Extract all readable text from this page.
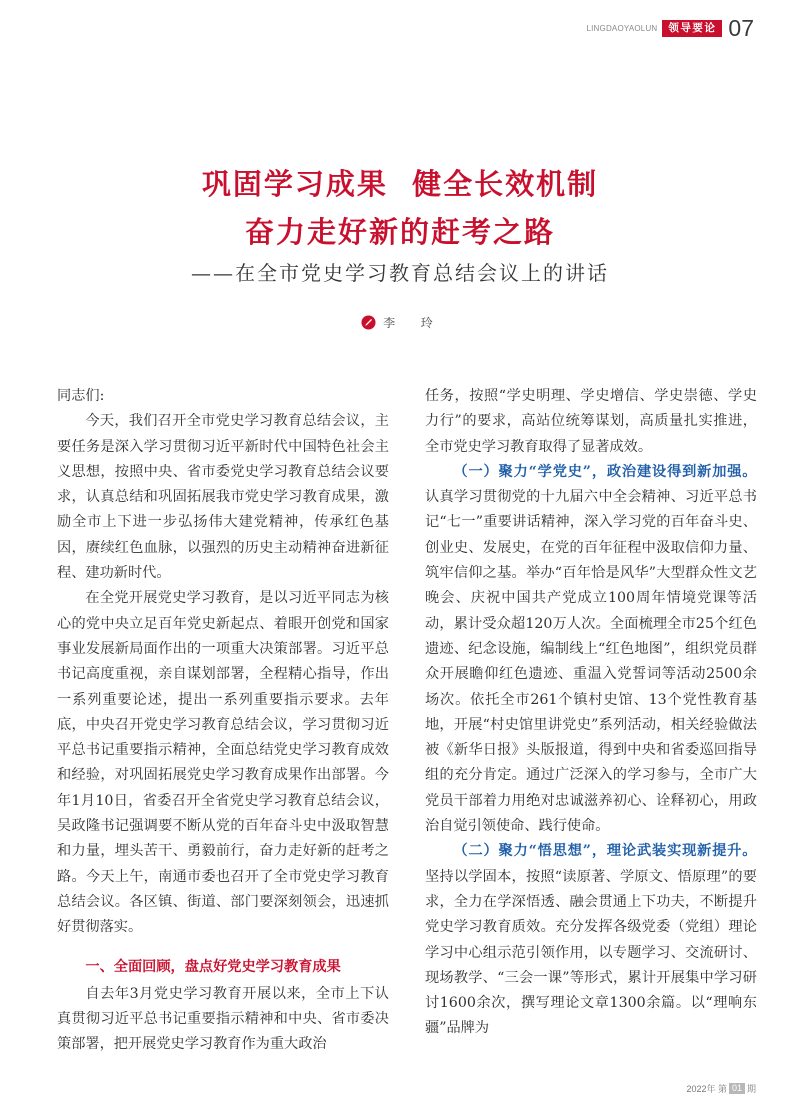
LINGDAOYAOLUN	领导要论 07
巩固学习成果  健全长效机制
奋力走好新的赶考之路
——在全市党史学习教育总结会议上的讲话
李  玲

同志们:

今天，我们召开全市党史学习教育总结会议，主要任务是深入学习贯彻习近平新时代中国特色社会主义思想，按照中央、省市委党史学习教育总结会议要求，认真总结和巩固拓展我市党史学习教育成果，激励全市上下进一步弘扬伟大建党精神，传承红色基因，赓续红色血脉，以强烈的历史主动精神奋进新征程、建功新时代。

在全党开展党史学习教育，是以习近平同志为核心的党中央立足百年党史新起点、着眼开创党和国家事业发展新局面作出的一项重大决策部署。习近平总书记高度重视，亲自谋划部署，全程精心指导，作出一系列重要论述，提出一系列重要指示要求。去年底，中央召开党史学习教育总结会议，学习贯彻习近平总书记重要指示精神，全面总结党史学习教育成效和经验，对巩固拓展党史学习教育成果作出部署。今年1月10日，省委召开全省党史学习教育总结会议，吴政隆书记强调要不断从党的百年奋斗史中汲取智慧和力量，埋头苦干、勇毅前行，奋力走好新的赶考之路。今天上午，南通市委也召开了全市党史学习教育总结会议。各区镇、街道、部门要深刻领会，迅速抓好贯彻落实。

一、全面回顾，盘点好党史学习教育成果

自去年3月党史学习教育开展以来，全市上下认真贯彻习近平总书记重要指示精神和中央、省市委决策部署，把开展党史学习教育作为重大政治

任务，按照“学史明理、学史增信、学史崇德、学史力行”的要求，高站位统筹谋划，高质量扎实推进，全市党史学习教育取得了显著成效。

（一）聚力“学党史”，政治建设得到新加强。认真学习贯彻党的十九届六中全会精神、习近平总书记“七一”重要讲话精神，深入学习党的百年奋斗史、创业史、发展史，在党的百年征程中汲取信仰力量、筑牢信仰之基。举办“百年恰是风华”大型群众性文艺晚会、庆祝中国共产党成立100周年情境党课等活动，累计受众超120万人次。全面梳理全市25个红色遗迹、纪念设施，编制线上“红色地图”，组织党员群众开展瞻仰红色遗迹、重温入党誓词等活动2500余场次。依托全市261个镇村史馆、13个党性教育基地，开展“村史馆里讲党史”系列活动，相关经验做法被《新华日报》头版报道，得到中央和省委巡回指导组的充分肯定。通过广泛深入的学习参与，全市广大党员干部着力用绝对忠诚滋养初心、诠释初心，用政治自觉引领使命、践行使命。

（二）聚力“悟思想”，理论武装实现新提升。坚持以学固本，按照“读原著、学原文、悟原理”的要求，全力在学深悟透、融会贯通上下功夫，不断提升党史学习教育质效。充分发挥各级党委（党组）理论学习中心组示范引领作用，以专题学习、交流研讨、现场教学、“三会一课”等形式，累计开展集中学习研讨1600余次，撰写理论文章1300余篇。以“理响东疆”品牌为

2022年 第 01 期
